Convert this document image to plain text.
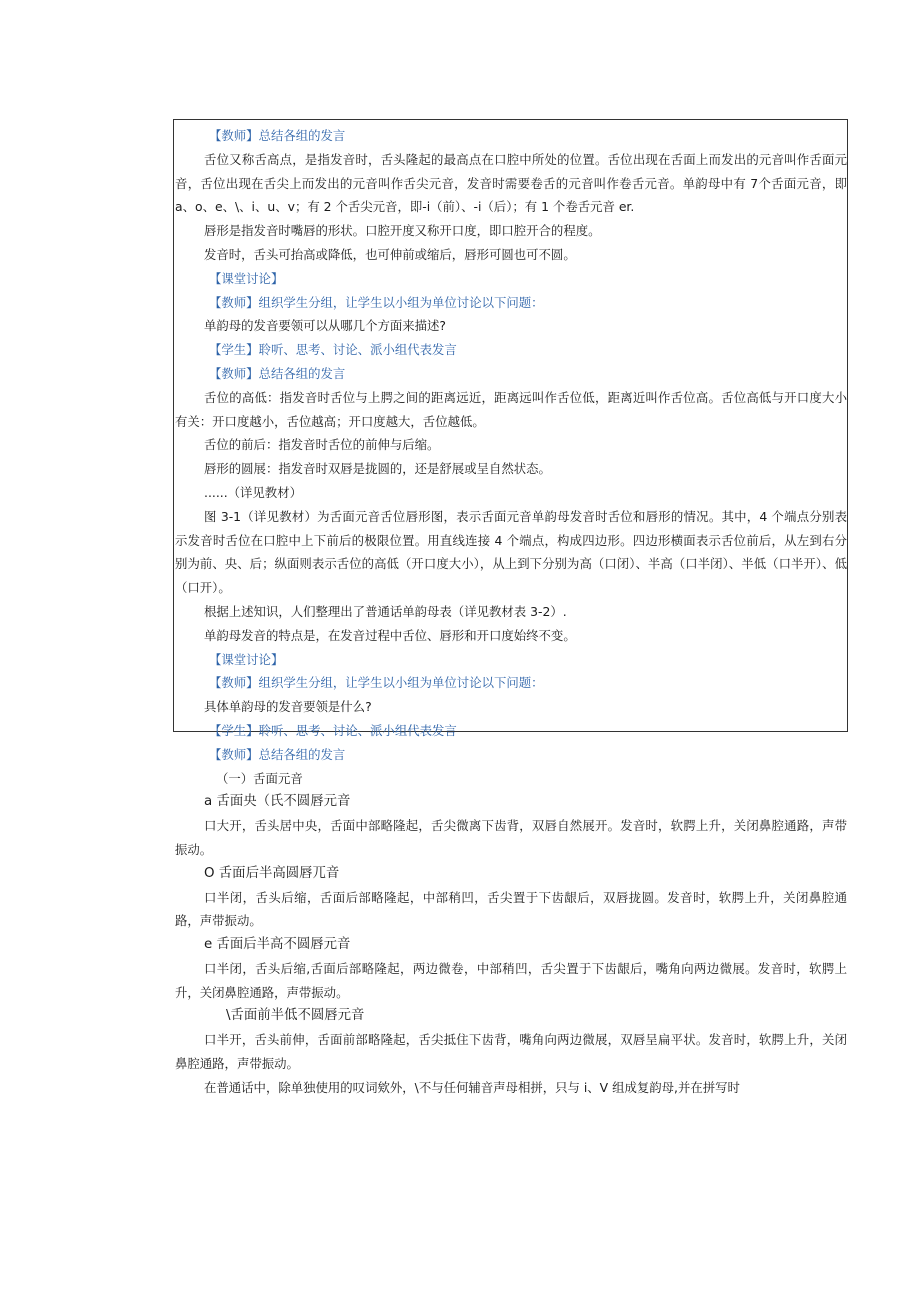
【教师】总结各组的发言

舌位又称舌高点，是指发音时，舌头隆起的最高点在口腔中所处的位置。舌位出现在舌面上而发出的元音叫作舌面元音，舌位出现在舌尖上而发出的元音叫作舌尖元音，发音时需要卷舌的元音叫作卷舌元音。单韵母中有 7个舌面元音，即 a、o、e、\、i、u、v；有 2 个舌尖元音，即-i（前）、-i（后）；有 1 个卷舌元音 er.

唇形是指发音时嘴唇的形状。口腔开度又称开口度，即口腔开合的程度。

发音时，舌头可抬高或降低，也可伸前或缩后，唇形可圆也可不圆。

【课堂讨论】

【教师】组织学生分组，让学生以小组为单位讨论以下问题：

单韵母的发音要领可以从哪几个方面来描述?

【学生】聆听、思考、讨论、派小组代表发言

【教师】总结各组的发言

舌位的高低：指发音时舌位与上腭之间的距离远近，距离远叫作舌位低，距离近叫作舌位高。舌位高低与开口度大小有关：开口度越小，舌位越高；开口度越大，舌位越低。

舌位的前后：指发音时舌位的前伸与后缩。

唇形的圆展：指发音时双唇是拢圆的，还是舒展或呈自然状态。

......（详见教材）

图 3-1（详见教材）为舌面元音舌位唇形图，表示舌面元音单韵母发音时舌位和唇形的情况。其中，4 个端点分别表示发音时舌位在口腔中上下前后的极限位置。用直线连接 4 个端点，构成四边形。四边形横面表示舌位前后，从左到右分别为前、央、后；纵面则表示舌位的高低（开口度大小），从上到下分别为高（口闭）、半高（口半闭）、半低（口半开）、低（口开）。

根据上述知识，人们整理出了普通话单韵母表（详见教材表 3-2）.

单韵母发音的特点是，在发音过程中舌位、唇形和开口度始终不变。

【课堂讨论】

【教师】组织学生分组，让学生以小组为单位讨论以下问题：

具体单韵母的发音要领是什么?

【学生】聆听、思考、讨论、派小组代表发言

【教师】总结各组的发言

（一）舌面元音

a 舌面央（氏不圆唇元音

口大开，舌头居中央，舌面中部略隆起，舌尖微离下齿背，双唇自然展开。发音时，软腭上升，关闭鼻腔通路，声带振动。

O 舌面后半高圆唇兀音

口半闭，舌头后缩，舌面后部略隆起，中部稍凹，舌尖置于下齿龈后，双唇拢圆。发音时，软腭上升，关闭鼻腔通路，声带振动。

e 舌面后半高不圆唇元音

口半闭，舌头后缩,舌面后部略隆起，两边微卷，中部稍凹，舌尖置于下齿龈后，嘴角向两边微展。发音时，软腭上升，关闭鼻腔通路，声带振动。

\舌面前半低不圆唇元音

口半开，舌头前伸，舌面前部略隆起，舌尖抵住下齿背，嘴角向两边微展，双唇呈扁平状。发音时，软腭上升，关闭鼻腔通路，声带振动。

在普通话中，除单独使用的叹词欸外，\不与任何辅音声母相拼，只与 i、V 组成复韵母,并在拼写时
